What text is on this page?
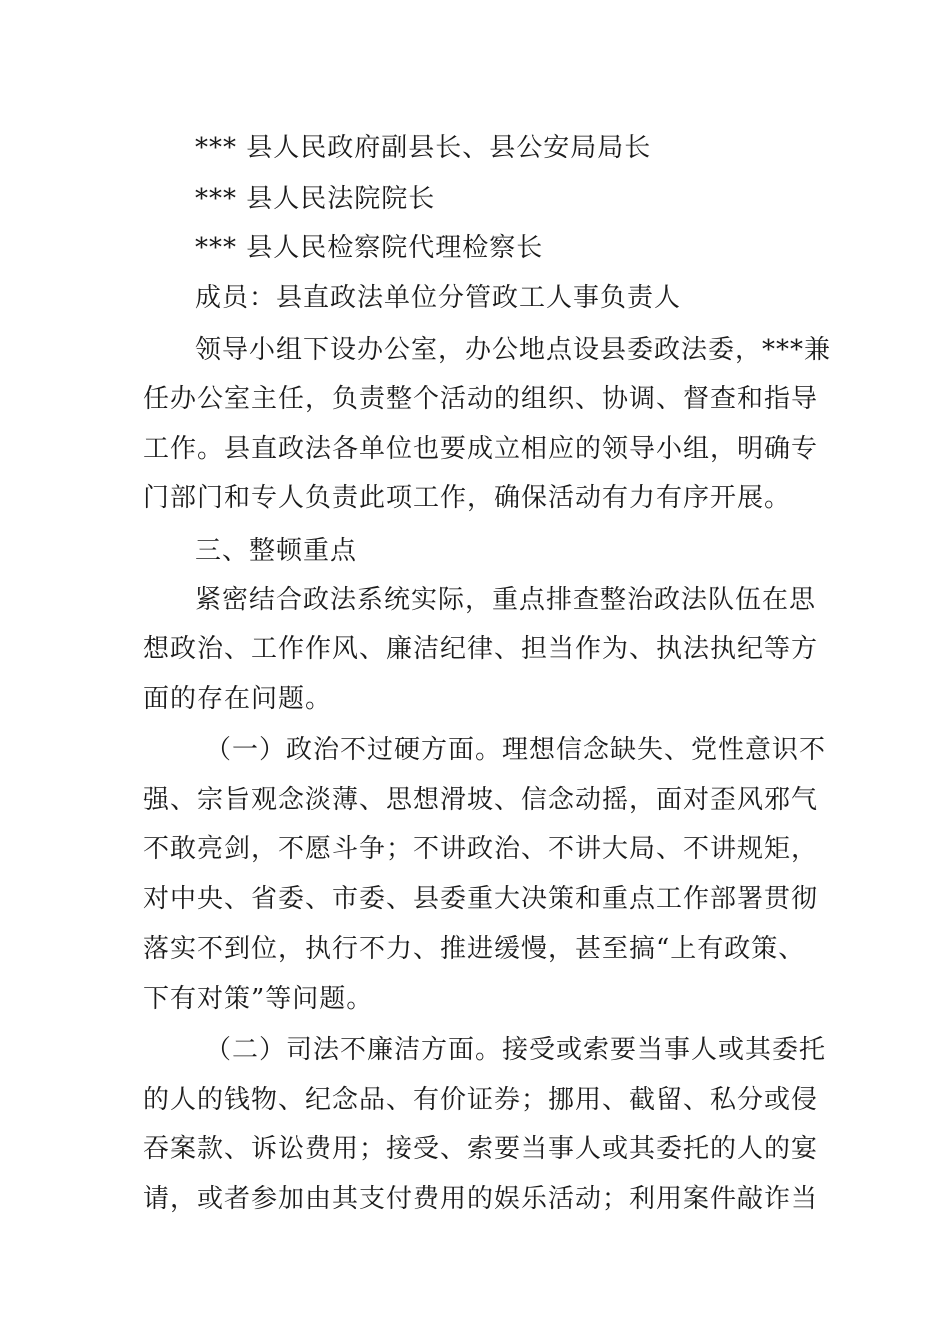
*** 县人民政府副县长、县公安局局长
*** 县人民法院院长
*** 县人民检察院代理检察长
成员：县直政法单位分管政工人事负责人
领导小组下设办公室，办公地点设县委政法委，***兼
任办公室主任，负责整个活动的组织、协调、督查和指导
工作。县直政法各单位也要成立相应的领导小组，明确专
门部门和专人负责此项工作，确保活动有力有序开展。
三、整顿重点
紧密结合政法系统实际，重点排查整治政法队伍在思
想政治、工作作风、廉洁纪律、担当作为、执法执纪等方
面的存在问题。
（一）政治不过硬方面。理想信念缺失、党性意识不
强、宗旨观念淡薄、思想滑坡、信念动摇，面对歪风邪气
不敢亮剑，不愿斗争；不讲政治、不讲大局、不讲规矩，
对中央、省委、市委、县委重大决策和重点工作部署贯彻
落实不到位，执行不力、推进缓慢，甚至搞“上有政策、
下有对策”等问题。
（二）司法不廉洁方面。接受或索要当事人或其委托
的人的钱物、纪念品、有价证券；挪用、截留、私分或侵
吞案款、诉讼费用；接受、索要当事人或其委托的人的宴
请，或者参加由其支付费用的娱乐活动；利用案件敲诈当
